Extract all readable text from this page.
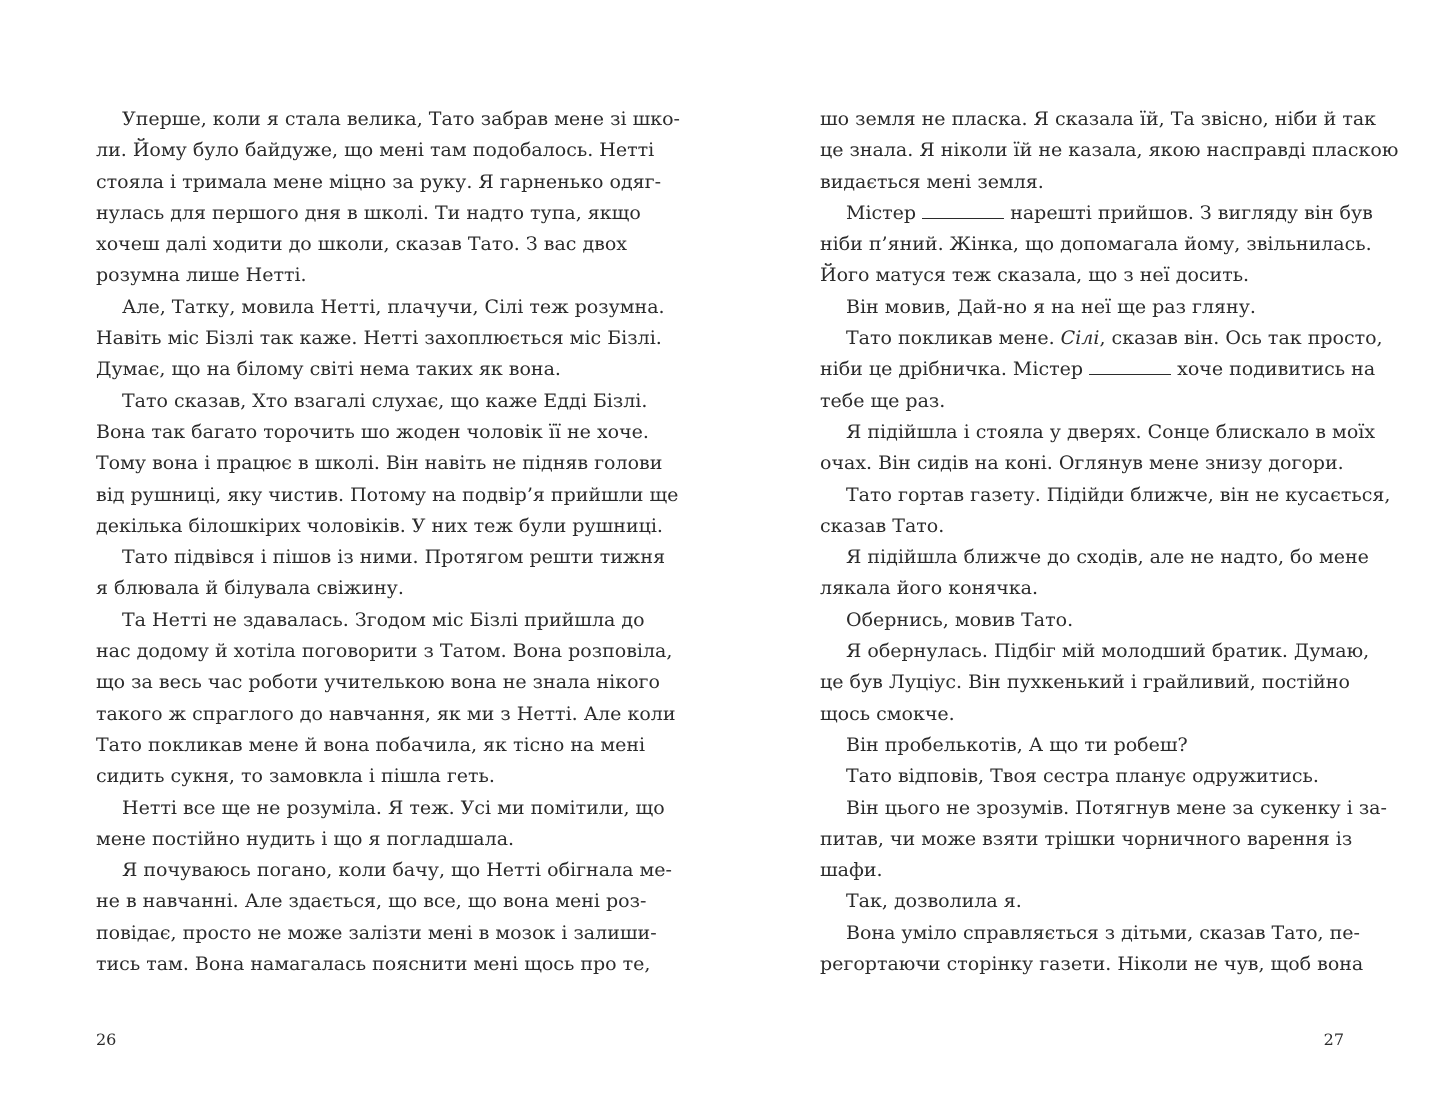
Уперше, коли я стала велика, Тато забрав мене зі шко-
ли. Йому було байдуже, що мені там подобалось. Нетті
стояла і тримала мене міцно за руку. Я гарненько одяг-
нулась для першого дня в школі. Ти надто тупа, якщо
хочеш далі ходити до школи, сказав Тато. З вас двох
розумна лише Нетті.
Але, Татку, мовила Нетті, плачучи, Сілі теж розумна.
Навіть міс Бізлі так каже. Нетті захоплюється міс Бізлі.
Думає, що на білому світі нема таких як вона.
Тато сказав, Хто взагалі слухає, що каже Едді Бізлі.
Вона так багато торочить шо жоден чоловік її не хоче.
Тому вона і працює в школі. Він навіть не підняв голови
від рушниці, яку чистив. Потому на подвір’я прийшли ще
декілька білошкірих чоловіків. У них теж були рушниці.
Тато підвівся і пішов із ними. Протягом решти тижня
я блювала й білувала свіжину.
Та Нетті не здавалась. Згодом міс Бізлі прийшла до
нас додому й хотіла поговорити з Татом. Вона розповіла,
що за весь час роботи учителькою вона не знала нікого
такого ж спраглого до навчання, як ми з Нетті. Але коли
Тато покликав мене й вона побачила, як тісно на мені
сидить сукня, то замовкла і пішла геть.
Нетті все ще не розуміла. Я теж. Усі ми помітили, що
мене постійно нудить і що я погладшала.
Я почуваюсь погано, коли бачу, що Нетті обігнала ме-
не в навчанні. Але здається, що все, що вона мені роз-
повідає, просто не може залізти мені в мозок і залиши-
тись там. Вона намагалась пояснити мені щось про те,
26
шо земля не пласка. Я сказала їй, Та звісно, ніби й так
це знала. Я ніколи їй не казала, якою насправді плаcкою
видається мені земля.
Містер	нарешті прийшов. З вигляду він був
ніби п’яний. Жінка, що допомагала йому, звільнилась.
Його матуся теж сказала, що з неї досить.
Він мовив, Дай-но я на неї ще раз гляну.
Тато покликав мене. Сілі, сказав він. Ось так просто,
ніби це дрібничка. Містер	хоче подивитись на
тебе ще раз.
Я підійшла і стояла у дверях. Сонце блискало в моїх
очах. Він сидів на коні. Оглянув мене знизу догори.
Тато гортав газету. Підійди ближче, він не кусається,
сказав Тато.
Я підійшла ближче до сходів, але не надто, бо мене
лякала його конячка.
Обернись, мовив Тато.
Я обернулась. Підбіг мій молодший братик. Думаю,
це був Луціус. Він пухкенький і грайливий, постійно
щось смокче.
Він пробелькотів, А що ти робеш?
Тато відповів, Твоя сестра планує одружитись.
Він цього не зрозумів. Потягнув мене за сукенку і за-
питав, чи може взяти трішки чорничного варення із
шафи.
Так, дозволила я.
Вона уміло справляється з дітьми, сказав Тато, пе-
регортаючи сторінку газети. Ніколи не чув, щоб вона
27
